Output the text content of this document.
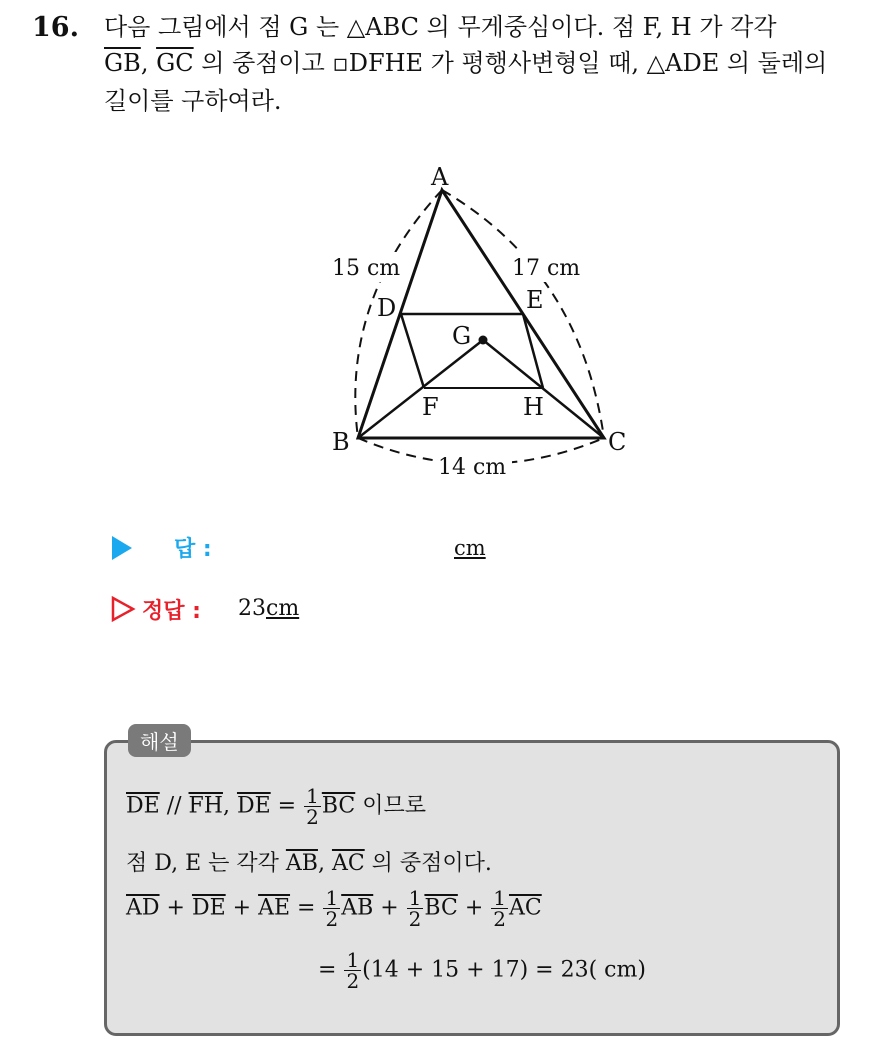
16. 다음 그림에서 점 G 는 △ABC 의 무게중심이다. 점 F, H 가 각각
$\overline{GB}$, $\overline{GC}$ 의 중점이고 ▫DFHE 가 평행사변형일 때, △ADE 의 둘레의
길이를 구하여라.
A
B	C
D	E
F
G
H
15 cm	17 cm
14 cm
답 :	cm
정답 : 23cm
해설
$\overline{DE} // \overline{FH}$, $\overline{DE} = \frac{1}{2} \overline{BC}$ 이므로
점 D, E 는 각각 $\overline{AB}$, $\overline{AC}$ 의 중점이다.
$\overline{AD} + \overline{DE} + \overline{AE} = \frac{1}{2} \overline{AB} + \frac{1}{2} \overline{BC} + \frac{1}{2} \overline{AC}$
= $\frac{1}{2} (14 + 15 + 17) = 23$( cm)
